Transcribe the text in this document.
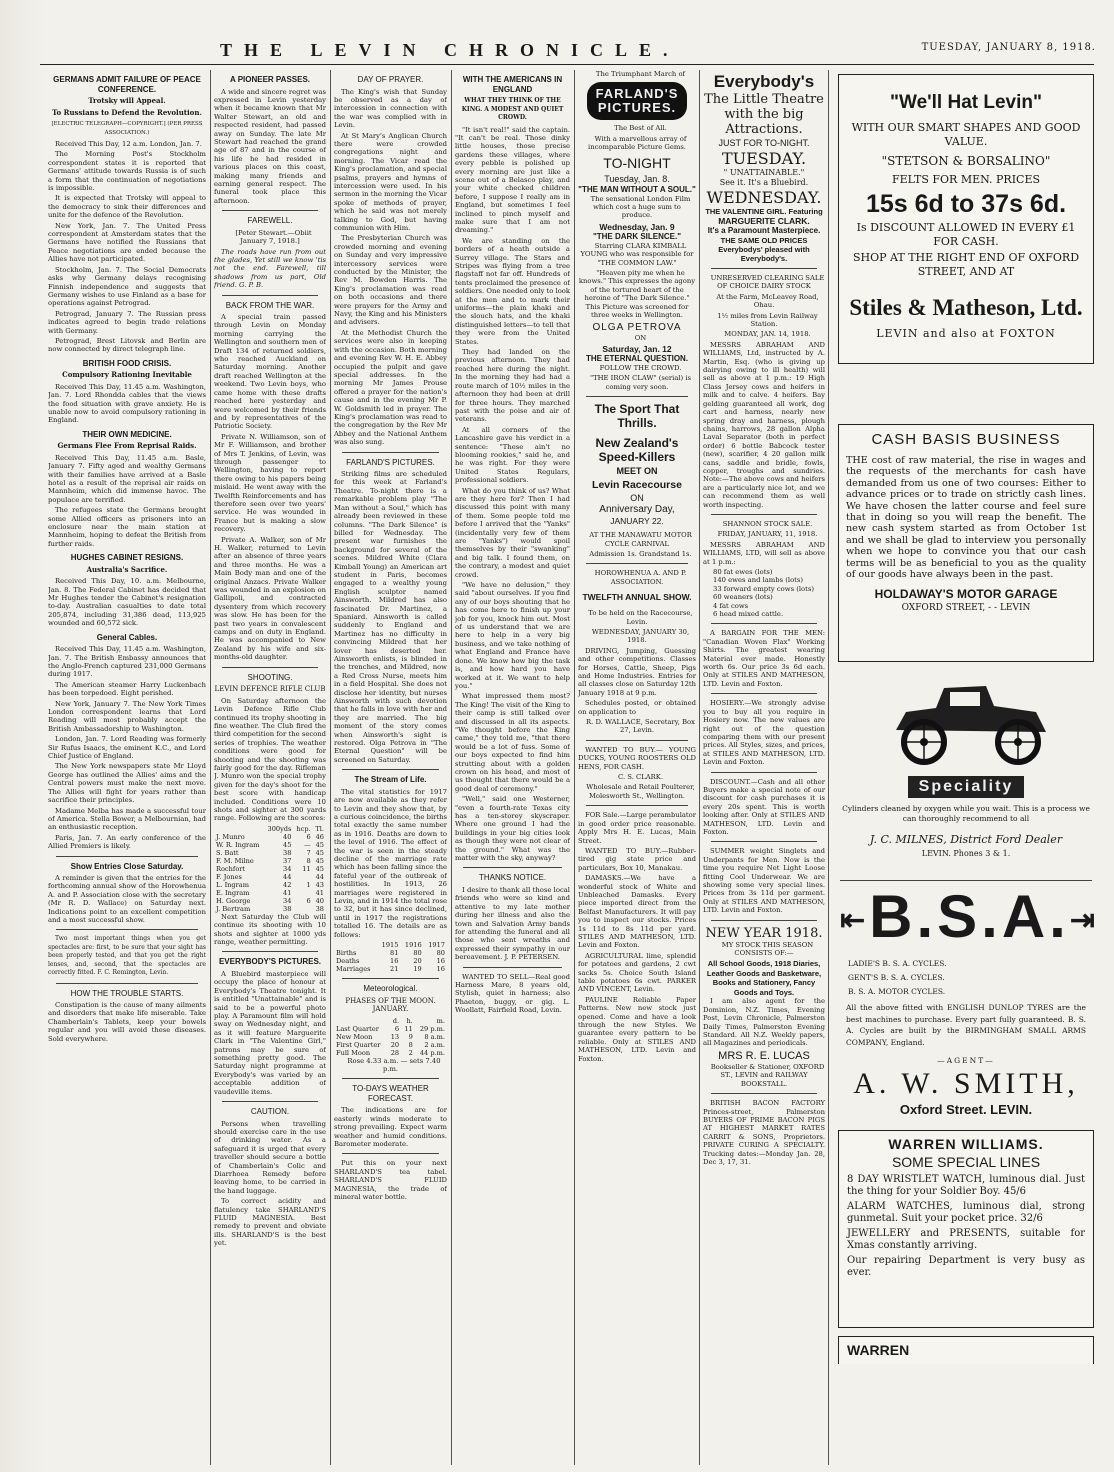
THE LEVIN CHRONICLE.	TUESDAY, JANUARY 8, 1918.
GERMANS ADMIT FAILURE OF PEACE CONFERENCE.
Trotsky will Appeal.
To Russians to Defend the Revolution.
[ELECTRIC TELEGRAPH—COPYRIGHT.] (PER PRESS ASSOCIATION.)

Received This Day, 12 a.m. London, Jan. 7.

The Morning Post's Stockholm correspondent states it is reported that Germans' attitude towards Russia is of such a form that the continuation of negotiations is impossible.

It is expected that Trotsky will appeal to the democracy to sink their differences and unite for the defence of the Revolution.

New York, Jan. 7. The United Press correspondent at Amsterdam states that the Germans have notified the Russians that Peace negotiations are ended because the Allies have not participated.

Stockholm, Jan. 7. The Social Democrats asks why Germany delays recognising Finnish independence and suggests that Germany wishes to use Finland as a base for operations against Petrograd.

Petrograd, January 7. The Russian press indicates agreed to begin trade relations with Germany.

Petrograd, Brest Litovsk and Berlin are now connected by direct telegraph line.

BRITISH FOOD CRISIS.
Compulsory Rationing Inevitable

Received This Day, 11.45 a.m. Washington, Jan. 7. Lord Rhondda cables that the views the food situation with grave anxiety. He is unable now to avoid compulsory rationing in England.

THEIR OWN MEDICINE.
Germans Flee From Reprisal Raids.

Received This Day, 11.45 a.m. Basle, January 7. Fifty aged and wealthy Germans with their families have arrived at a Basle hotel as a result of the reprisal air raids on Mannheim, which did immense havoc. The populace are terrified.

The refugees state the Germans brought some Allied officers as prisoners into an enclosure near the main station at Mannheim, hoping to defeat the British from further raids.

HUGHES CABINET RESIGNS.
Australia's Sacrifice.

Received This Day, 10. a.m. Melbourne, Jan. 8. The Federal Cabinet has decided that Mr Hughes tender the Cabinet's resignation to-day. Australian casualties to date total 205,874, including 31,386 dead, 113,925 wounded and 60,572 sick.

General Cables.

Received This Day, 11.45 a.m. Washington, Jan. 7. The British Embassy announces that the Anglo-French captured 231,000 Germans during 1917.

The American steamer Harry Luckenbach has been torpedoed. Eight perished.

New York, January 7. The New York Times London correspondent learns that Lord Reading will most probably accept the British Ambassadorship to Washington.

London, Jan. 7. Lord Reading was formerly Sir Rufus Isaacs, the eminent K.C., and Lord Chief Justice of England.

The New York newspapers state Mr Lloyd George has outlined the Allies' aims and the Central powers must make the next move. The Allies will fight for years rather than sacrifice their principles.

Madame Melba has made a successful tour of America. Stella Bower, a Melbournian, had an enthusiastic reception.

Paris, Jan. 7. An early conference of the Allied Premiers is likely.

Show Entries Close Saturday.

A reminder is given that the entries for the forthcoming annual show of the Horowhenua A. and P. Association close with the secretary (Mr R. D. Wallace) on Saturday next. Indications point to an excellent competition and a most successful show.

Two most important things when you get spectacles are: first, to be sure that your sight has been properly tested, and that you get the right lenses, and, second, that the spectacles are correctly fitted. F. C. Remington, Levin.

HOW THE TROUBLE STARTS.

Constipation is the cause of many ailments and disorders that make life miserable. Take Chamberlain's Tablets, keep your bowels regular and you will avoid these diseases. Sold everywhere.

A PIONEER PASSES.

A wide and sincere regret was expressed in Levin yesterday when it became known that Mr Walter Stewart, an old and respected resident, had passed away on Sunday. The late Mr Stewart had reached the grand age of 87 and in the course of his life he had resided in various places on this coast, making many friends and earning general respect. The funeral took place this afternoon.

FAREWELL.

[Peter Stewart.—Obiit January 7, 1918.]

The roads have run from out the glades, Yet still we know 'tis not the end. Farewell, till shadows from us part, Old friend. G. P. B.

BACK FROM THE WAR.

A special train passed through Levin on Monday morning carrying the Wellington and southern men of Draft 134 of returned soldiers, who reached Auckland on Saturday morning. Another draft reached Wellington at the weekend. Two Levin boys, who came home with these drafts reached here yesterday and were welcomed by their friends and by representatives of the Patriotic Society.

Private N. Williamson, son of Mr F. Williamson, and brother of Mrs T. Jenkins, of Levin, was through passenger to Wellington, having to report there owing to his papers being mislaid. He went away with the Twelfth Reinforcements and has therefore seen over two years' service. He was wounded in France but is making a slow recovery.

Private A. Walker, son of Mr H. Walker, returned to Levin after an absence of three years and three months. He was a Main Body man and one of the original Anzacs. Private Walker was wounded in an explosion on Gallipoli, and contracted dysentery from which recovery was slow. He has been for the past two years in convalescent camps and on duty in England. He was accompanied to New Zealand by his wife and six-months-old daughter.

SHOOTING.
LEVIN DEFENCE RIFLE CLUB

On Saturday afternoon the Levin Defence Rifle Club continued its trophy shooting in fine weather. The Club fired the third competition for the second series of trophies. The weather conditions were good for shooting and the shooting was fairly good for the day. Rifleman J. Munro won the special trophy given for the day's shoot for the best score with handicap included. Conditions were 10 shots and sighter at 300 yards range. Following are the scores:

	300yds	hcp.	Tl.
J. Munro	40	6	46
W. R. Ingram	45	—	45
S. Batt	38	7	45
F. M. Milne	37	8	45
Rochfort	34	11	45
F. Jones	44		44
L. Ingram	42	1	43
E. Ingram	41		41
H. George	34	6	40
J. Bertram	38		38

Next Saturday the Club will continue its shooting with 10 shots and sighter at 1000 yds range, weather permitting.

EVERYBODY'S PICTURES.

A Bluebird masterpiece will occupy the place of honour at Everybody's Theatre tonight. It is entitled "Unattainable" and is said to be a powerful photo play. A Paramount film will hold sway on Wednesday night, and as it will feature Marguerite Clark in "The Valentine Girl," patrons may be sure of something pretty good. The Saturday night programme at Everybody's was varied by an acceptable addition of vaudeville items.

CAUTION.

Persons when travelling should exercise care in the use of drinking water. As a safeguard it is urged that every traveller should secure a bottle of Chamberlain's Colic and Diarrhoea Remedy before leaving home, to be carried in the hand luggage.

To correct acidity and flatulency take SHARLAND'S FLUID MAGNESIA. Best remedy to prevent and obviate ills. SHARLAND'S is the best yet.

DAY OF PRAYER.

The King's wish that Sunday be observed as a day of intercession in connection with the war was complied with in Levin.

At St Mary's Anglican Church there were crowded congregations night and morning. The Vicar read the King's proclamation, and special psalms, prayers and hymns of intercession were used. In his sermon in the morning the Vicar spoke of methods of prayer, which he said was not merely talking to God, but having communion with Him.

The Presbyterian Church was crowded morning and evening on Sunday and very impressive intercessory services were conducted by the Minister, the Rev M. Bowden Harris. The King's proclamation was read on both occasions and there were prayers for the Army and Navy, the King and his Ministers and advisers.

At the Methodist Church the services were also in keeping with the occasion. Both morning and evening Rev W. H. E. Abbey occupied the pulpit and gave special addresses. In the morning Mr James Prouse offered a prayer for the nation's cause and in the evening Mr P. W. Goldsmith led in prayer. The King's proclamation was read to the congregation by the Rev Mr Abbey and the National Anthem was also sung.

FARLAND'S PICTURES.

Striking films are scheduled for this week at Farland's Theatre. To-night there is a remarkable problem play "The Man without a Soul," which has already been reviewed in these columns. "The Dark Silence" is billed for Wednesday. The present war furnishes the background for several of the scenes. Mildred White (Clara Kimball Young) an American art student in Paris, becomes engaged to a wealthy young English sculptor named Ainsworth. Mildred has also fascinated Dr. Martinez, a Spaniard. Ainsworth is called suddenly to England and Martinez has no difficulty in convincing Mildred that her lover has deserted her. Ainsworth enlists, is blinded in the trenches, and Mildred, now a Red Cross Nurse, meets him in a field Hospital. She does not disclose her identity, but nurses Ainsworth with such devotion that he falls in love with her and they are married. The big moment of the story comes when Ainsworth's sight is restored. Olga Petrova in "The Eternal Question" will be screened on Saturday.

The Stream of Life.

The vital statistics for 1917 are now available as they refer to Levin and they show that, by a curious coincidence, the births total exactly the same number as in 1916. Deaths are down to the level of 1916. The effect of the war is seen in the steady decline of the marriage rate which has been falling since the fateful year of the outbreak of hostilities. In 1913, 26 marriages were registered in Levin, and in 1914 the total rose to 32, but it has since declined, until in 1917 the registrations totalled 16. The details are as follows:

	1915	1916	1917
Births	81	80	80
Deaths	16	20	16
Marriages	21	19	16
Meteorological.
PHASES OF THE MOON. JANUARY.
	d.	h.	m.
Last Quarter	6	11	29 p.m.
New Moon	13	9	8 a.m.
First Quarter	20	8	2 a.m.
Full Moon	28	2	44 p.m.

Rose 4.33 a.m. — sets 7.40 p.m.

TO-DAYS WEATHER FORECAST.

The indications are for easterly winds moderate to strong prevailing. Expect warm weather and humid conditions. Barometer moderate.

Put this on your next SHARLAND'S tea tabel. SHARLAND'S FLUID MAGNESIA, the trade of mineral water bottle.

WITH THE AMERICANS IN ENGLAND
WHAT THEY THINK OF THE KING. A MODEST AND QUIET CROWD.

"It isn't real!" said the captain. "It can't be real. Those dinky little houses, those precise gardens these villages, where every pebble is polished up every morning are just like a scene out of a Belasco play, and your white checked children before, I suppose I really am in England, but sometimes I feel inclined to pinch myself and make sure that I am not dreaming."

We are standing on the borders of a heath outside a Surrey village. The Stars and Stripes was flying from a tree flagstaff not far off. Hundreds of tents proclaimed the presence of soldiers. One needed only to look at the men and to mark their uniforms—the plain khaki and the slouch hats, and the khaki distinguished letters—to tell that they were from the United States.

They had landed on the previous afternoon. They had reached here during the night. In the morning they had had a route march of 10½ miles in the afternoon they had been at drill for three hours. They marched past with the poise and air of veterans.

At all corners of the Lancashire gave his verdict in a sentence: "These ain't no blooming rookies," said he, and he was right. For they were United States Regulars, professional soldiers.

What do you think of us? What are they here for? Then I had discussed this point with many of them. Some people told me before I arrived that the "Yanks" (incidentally very few of them are "Yanks") would spoil themselves by their "swanking" and big talk. I found them, on the contrary, a modest and quiet crowd.

"We have no delusion," they said "about ourselves. If you find any of our boys shouting that he has come here to finish up your job for you, knock him out. Most of us understand that we are here to help in a very big business, and we take nothing of what England and France have done. We know how big the task is, and how hard you have worked at it. We want to help you."

What impressed them most? The King! The visit of the King to their camp is still talked over and discussed in all its aspects. "We thought before the King came," they told me, "that there would be a lot of fuss. Some of our boys expected to find him strutting about with a golden crown on his head, and most of us thought that there would be a good deal of ceremony."

"Well," said one Westerner, "even a fourth-rate Texas city has a ten-storey skyscraper. Where one ground I had the buildings in your big cities look as though they were not clear of the ground." What was the matter with the sky, anyway?

THANKS NOTICE.

I desire to thank all those local friends who were so kind and attentive to my late mother during her illness and also the town and Salvation Army bands for attending the funeral and all those who sent wreaths and expressed their sympathy in our bereavement. J. P. PETERSEN.

WANTED TO SELL—Real good Harness Mare, 8 years old, Stylish, quiet in harness; also Phaeton, buggy, or gig. L. Woollatt, Fairfield Road, Levin.

The Triumphant March of

FARLAND'S PICTURES.

The Best of All.

With a marvellous array of incomparable Picture Gems.

TO-NIGHT
Tuesday, Jan. 8.
"THE MAN WITHOUT A SOUL."

The sensational London Film which cost a huge sum to produce.

Wednesday, Jan. 9
"THE DARK SILENCE."

Starring CLARA KIMBALL YOUNG who was responsible for "THE COMMON LAW."

"Heaven pity me when he knows." This expresses the agony of the tortured heart of the heroine of "The Dark Silence." This Picture was screened for three weeks in Wellington.

OLGA PETROVA

ON

Saturday, Jan. 12
THE ETERNAL QUESTION.

FOLLOW THE CROWD.

"THE IRON CLAW" (serial) is coming very soon.

The Sport That Thrills.
New Zealand's Speed-Killers
MEET ON
Levin Racecourse
ON
Anniversary Day,
JANUARY 22.

AT THE MANAWATU MOTOR CYCLE CARNIVAL

Admission 1s. Grandstand 1s.

HOROWHENUA A. AND P. ASSOCIATION.

TWELFTH ANNUAL SHOW.

To be held on the Racecourse, Levin.

WEDNESDAY, JANUARY 30, 1918.

DRIVING, Jumping, Guessing and other competitions. Classes for Horses, Cattle, Sheep, Pigs and Home Industries. Entries for all classes close on Saturday 12th January 1918 at 9 p.m.

Schedules posted, or obtained on application to

R. D. WALLACE, Secretary, Box 27, Levin.

WANTED TO BUY.— YOUNG DUCKS, YOUNG ROOSTERS OLD HENS, FOR CASH.

C. S. CLARK.

Wholesale and Retail Poulterer, Molesworth St., Wellington.

FOR Sale.—Large perambulator in good order price reasonable. Apply Mrs H. E. Lucas, Main Street.

WANTED TO BUY.—Rubber-tired gig state price and particulars, Box 10, Manakau.

DAMASKS.—We have a wonderful stock of White and Unbleached Damasks. Every piece imported direct from the Belfast Manufacturers. It will pay you to inspect our stocks. Prices 1s 11d to 8s 11d per yard. STILES AND MATHESON, LTD. Levin and Foxton.

AGRICULTURAL lime, splendid for potatoes and gardens, 2 cwt sacks 5s. Choice South Island table potatoes 6s cwt. PARKER AND VINCENT, Levin.

PAULINE Reliable Paper Patterns. New new stock just opened. Come and have a look through the new Styles. We guarantee every pattern to be reliable. Only at STILES AND MATHESON, LTD. Levin and Foxton.

Everybody's
The Little Theatre with the big Attractions.
JUST FOR TO-NIGHT.
TUESDAY.
" UNATTAINABLE."
See it. It's a Bluebird.
WEDNESDAY.
THE VALENTINE GIRL. Featuring
MARGUERITE CLARK.
It's a Paramount Masterpiece.
THE SAME OLD PRICES Everybodys' pleased with Everybody's.

UNRESERVED CLEARING SALE OF CHOICE DAIRY STOCK

At the Farm, McLeavey Road, Ohau.

1½ miles from Levin Railway Station.

MONDAY, JAN. 14, 1918.

MESSRS ABRAHAM AND WILLIAMS, Ltd, instructed by A. Martin, Esq. (who is giving up dairying owing to ill health) will sell as above at 1 p.m.: 19 High Class Jersey cows and heifers in milk and to calve. 4 heifers. Bay gelding guaranteed all work, dog cart and harness, nearly new spring dray and harness, plough chains, harrows, 28 gallon Alpha Laval Separator (both in perfect order) 6 bottle Babcock tester (new), scarifier, 4 20 gallon milk cans, saddle and bridle, fowls, copper, troughs and sundries. Note:—The above cows and heifers are a particularly nice lot, and we can recommend them as well worth inspecting.

SHANNON STOCK SALE.

FRIDAY, JANUARY, 11, 1918.

MESSRS ABRAHAM AND WILLIAMS, LTD, will sell as above at 1 p.m.:

80 fat ewes (lots)
140 ewes and lambs (lots)
33 forward empty cows (lots)
60 weaners (lots)
4 fat cows
6 head mixed cattle.

A BARGAIN FOR THE MEN: "Canadian Woven Flax" Working Shirts. The greatest wearing Material ever made. Honestly worth 6s. Our price 3s 6d each. Only at STILES AND MATHESON, LTD. Levin and Foxton.

HOSIERY.—We strongly advise you to buy all you require in Hosiery now. The new values are right out of the question comparing them with our present prices. All Styles, sizes, and prices, at STILES AND MATHESON, LTD. Levin and Foxton.

DISCOUNT.—Cash and all other Buyers make a special note of our discount for cash purchases it is every 20s spent. This is worth looking after. Only at STILES AND MATHESON, LTD. Levin and Foxton.

SUMMER weight Singlets and Underpants for Men. Now is the time you require Net Light Loose fitting Cool Underwear. We are showing some very special lines. Prices from 3s 11d per garment. Only at STILES AND MATHESON, LTD. Levin and Foxton.

NEW YEAR 1918.

MY STOCK THIS SEASON CONSISTS OF:—

All School Goods, 1918 Diaries, Leather Goods and Basketware, Books and Stationery, Fancy Goods and Toys.

I am also agent for the Dominion, N.Z. Times, Evening Post, Levin Chronicle, Palmerston Daily Times, Palmerston Evening Standard. All N.Z. Weekly papers, all Magazines and periodicals.

MRS R. E. LUCAS

Bookseller & Stationer, OXFORD ST., LEVIN and RAILWAY BOOKSTALL.

BRITISH BACON FACTORY Princes-street, Palmerston BUYERS OF PRIME BACON PIGS AT HIGHEST MARKET RATES CARRIT & SONS, Proprietors. PRIVATE CURING A SPECIALTY. Trucking dates:—Monday Jan. 28, Dec 3, 17, 31.

"We'll Hat Levin"
WITH OUR SMART SHAPES AND GOOD VALUE.
"STETSON & BORSALINO"
FELTS FOR MEN. PRICES
15s 6d to 37s 6d.
Is DISCOUNT ALLOWED IN EVERY £1 FOR CASH.
SHOP AT THE RIGHT END OF OXFORD STREET, AND AT
Stiles & Matheson, Ltd.
LEVIN and also at FOXTON
CASH BASIS BUSINESS
THE cost of raw material, the rise in wages and the requests of the merchants for cash have demanded from us one of two courses: Either to advance prices or to trade on strictly cash lines. We have chosen the latter course and feel sure that in doing so you will reap the benefit. The new cash system started as from October 1st and we shall be glad to interview you personally when we hope to convince you that our cash terms will be as beneficial to you as the quality of our goods have always been in the past.
HOLDAWAY'S MOTOR GARAGE
OXFORD STREET, - - LEVIN
Speciality
Cylinders cleaned by oxygen while you wait. This is a process we can thoroughly recommend to all
J. C. MILNES, District Ford Dealer
LEVIN. Phones 3 & 1.
⇤B.S.A.⇥
LADIE'S B. S. A. CYCLES.
GENT'S B. S. A. CYCLES.
B. S. A. MOTOR CYCLES.
All the above fitted with ENGLISH DUNLOP TYRES are the best machines to purchase. Every part fully guaranteed. B. S. A. Cycles are built by the BIRMINGHAM SMALL ARMS COMPANY, England.
—AGENT—
A. W. SMITH,
Oxford Street. LEVIN.
WARREN WILLIAMS.
SOME SPECIAL LINES
8 DAY WRISTLET WATCH, luminous dial. Just the thing for your Soldier Boy. 45/6
ALARM WATCHES, luminous dial, strong gunmetal. Suit your pocket price. 32/6
JEWELLERY and PRESENTS, suitable for Xmas constantly arriving.
Our repairing Department is very busy as ever.
WARREN
